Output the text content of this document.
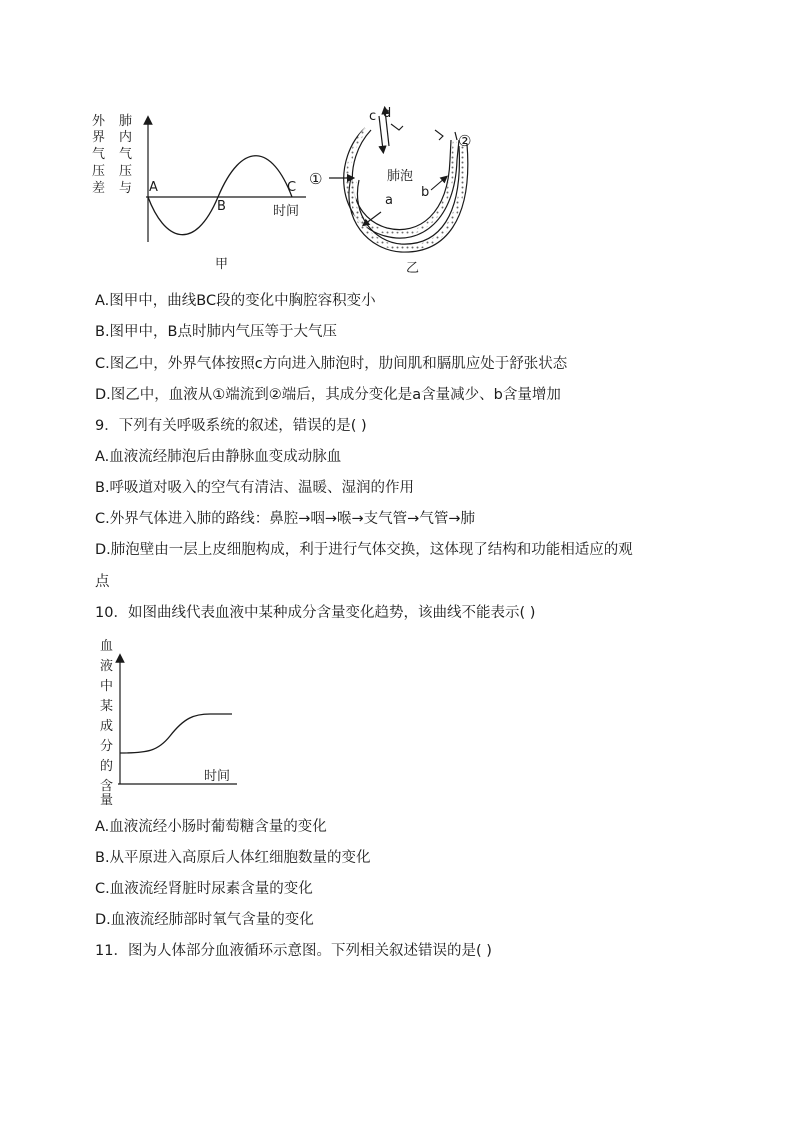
外
界
气
压
差
肺
内
气
压
与 A
B
C
时间
甲
c d
①
②
肺泡
a
b
乙
A.图甲中，曲线BC段的变化中胸腔容积变小
B.图甲中，B点时肺内气压等于大气压
C.图乙中，外界气体按照c方向进入肺泡时，肋间肌和膈肌应处于舒张状态
D.图乙中，血液从①端流到②端后，其成分变化是a含量减少、b含量增加
9．下列有关呼吸系统的叙述，错误的是( )
A.血液流经肺泡后由静脉血变成动脉血
B.呼吸道对吸入的空气有清洁、温暖、湿润的作用
C.外界气体进入肺的路线：鼻腔→咽→喉→支气管→气管→肺
D.肺泡壁由一层上皮细胞构成，利于进行气体交换，这体现了结构和功能相适应的观
点
10．如图曲线代表血液中某种成分含量变化趋势，该曲线不能表示( )
血
液
中
某
成
分
的
含
量
时间
A.血液流经小肠时葡萄糖含量的变化
B.从平原进入高原后人体红细胞数量的变化
C.血液流经肾脏时尿素含量的变化
D.血液流经肺部时氧气含量的变化
11．图为人体部分血液循环示意图。下列相关叙述错误的是( )
